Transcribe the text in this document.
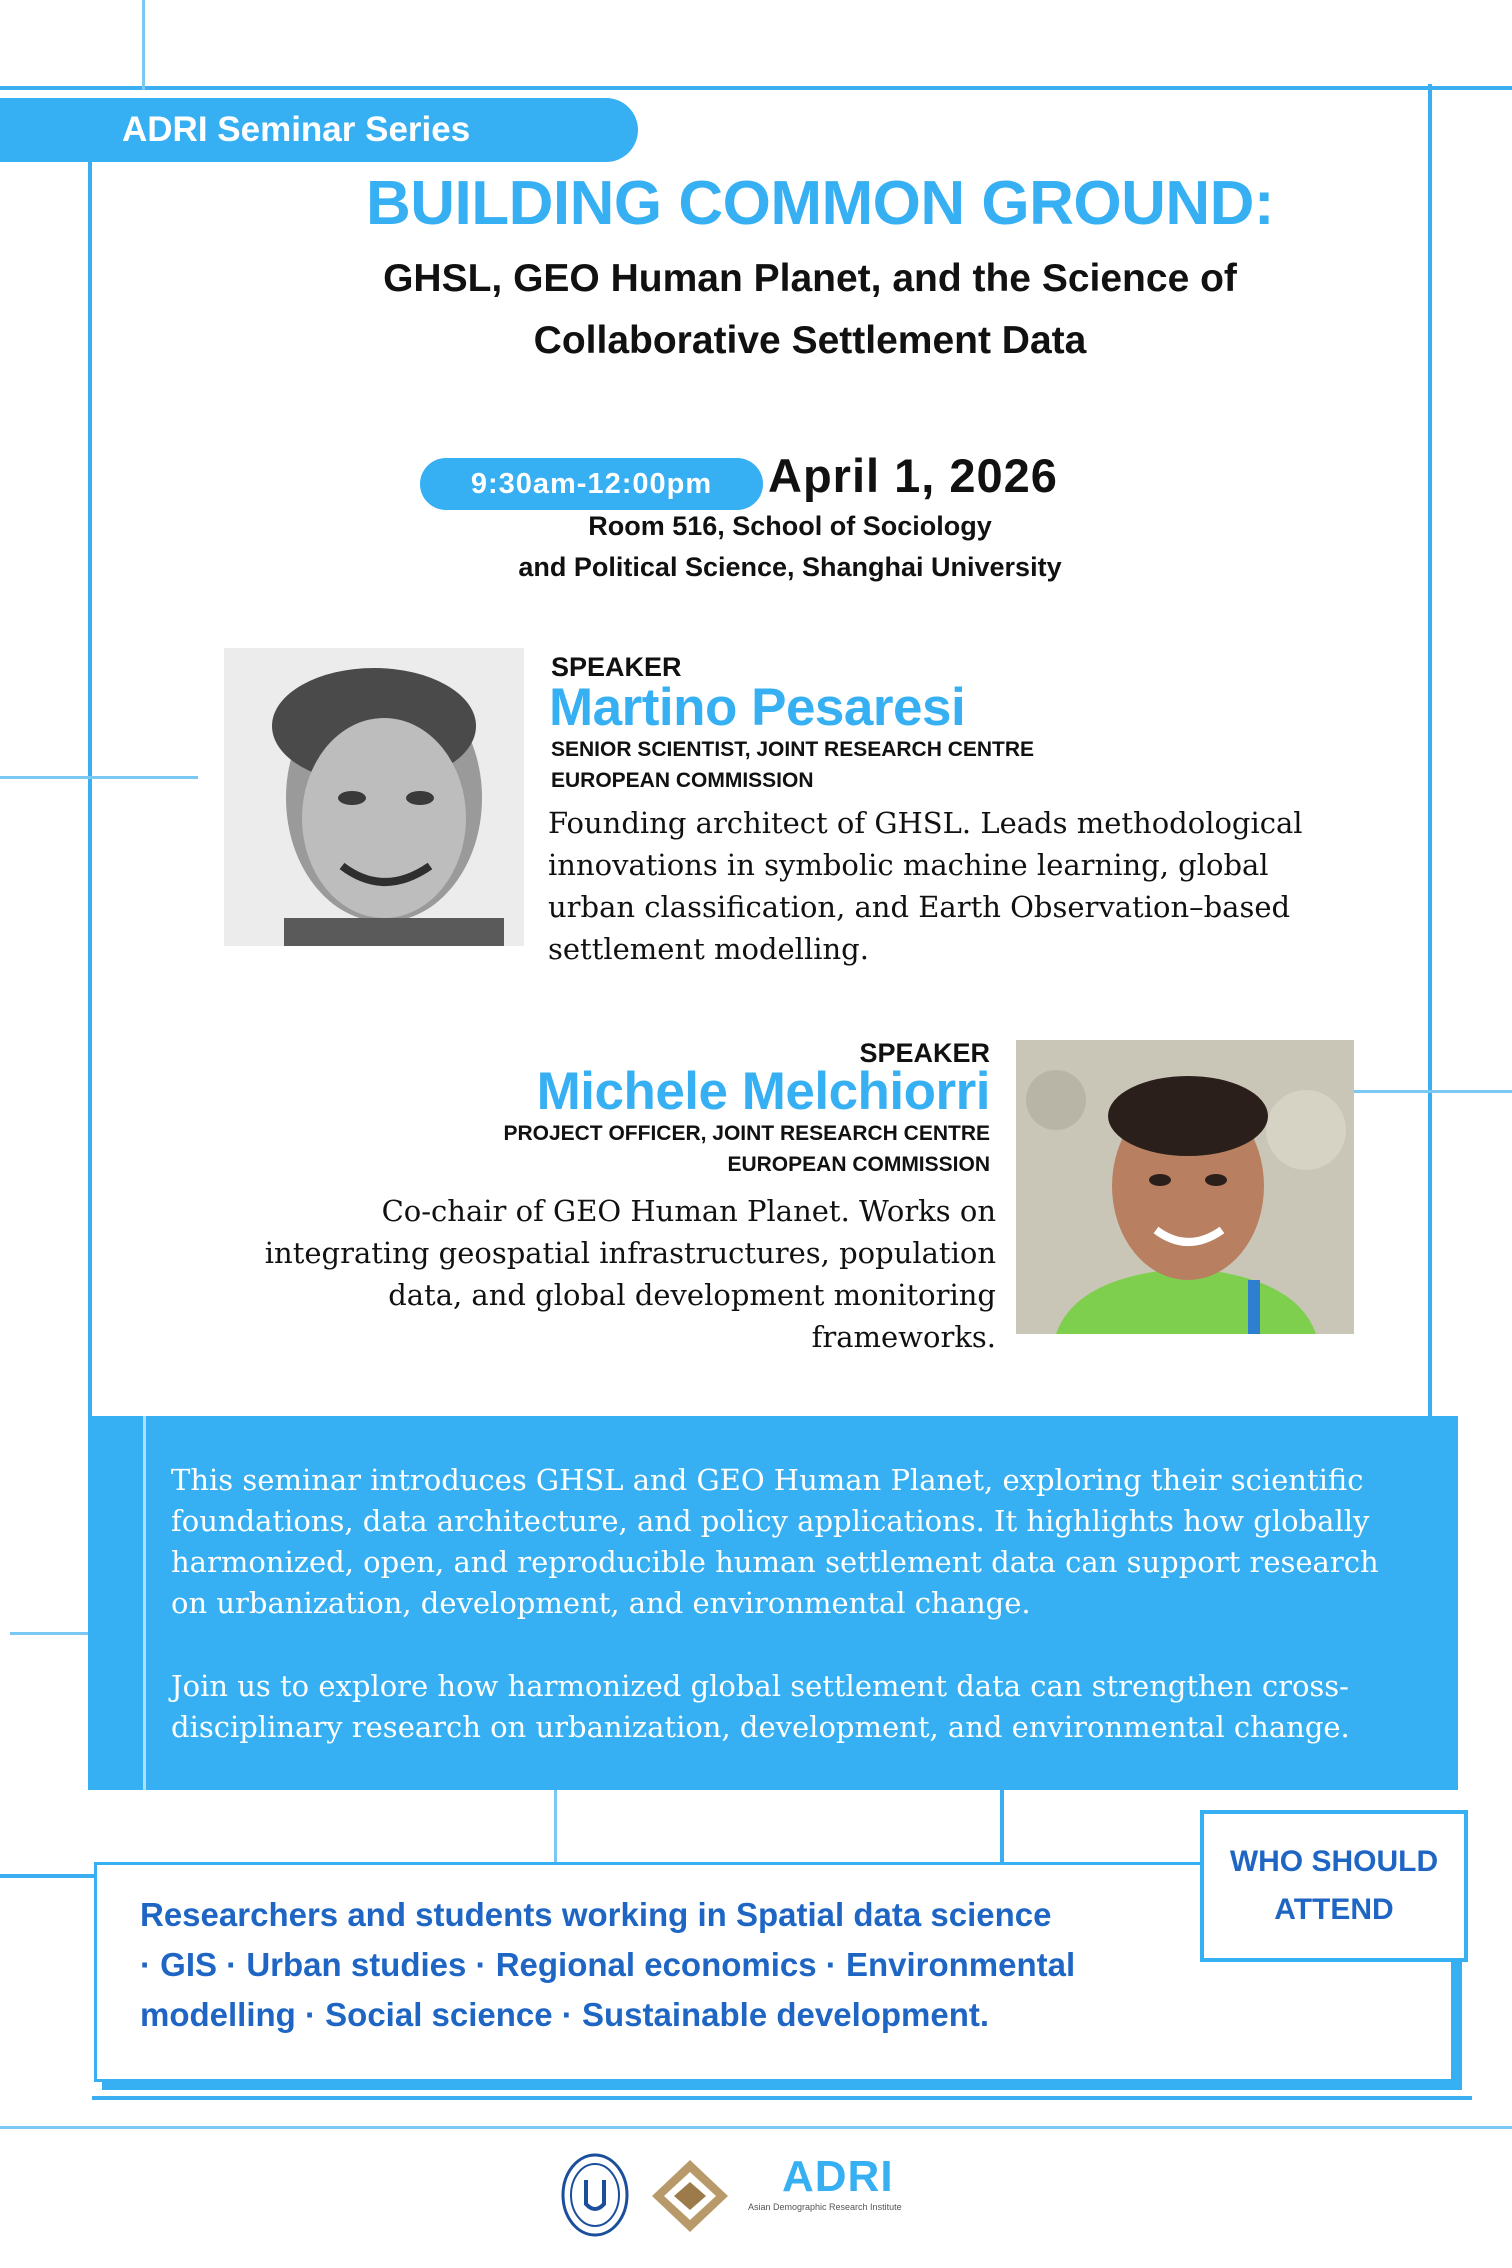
ADRI Seminar Series
BUILDING COMMON GROUND:
GHSL, GEO Human Planet, and the Science of
Collaborative Settlement Data
9:30am-12:00pm	April 1, 2026
Room 516, School of Sociology
and Political Science, Shanghai University
SPEAKER
Martino Pesaresi
SENIOR SCIENTIST, JOINT RESEARCH CENTRE
EUROPEAN COMMISSION
Founding architect of GHSL. Leads methodological
innovations in symbolic machine learning, global
urban classification, and Earth Observation–based
settlement modelling.
SPEAKER
Michele Melchiorri
PROJECT OFFICER, JOINT RESEARCH CENTRE
EUROPEAN COMMISSION
Co-chair of GEO Human Planet. Works on
integrating geospatial infrastructures, population
data, and global development monitoring
frameworks.
This seminar introduces GHSL and GEO Human Planet, exploring their scientific
foundations, data architecture, and policy applications. It highlights how globally
harmonized, open, and reproducible human settlement data can support research
on urbanization, development, and environmental change.
Join us to explore how harmonized global settlement data can strengthen cross-
disciplinary research on urbanization, development, and environmental change.
Researchers and students working in Spatial data science
· GIS · Urban studies · Regional economics · Environmental
modelling · Social science · Sustainable development.
WHO SHOULD
ATTEND
ADRI
Asian Demographic Research Institute
